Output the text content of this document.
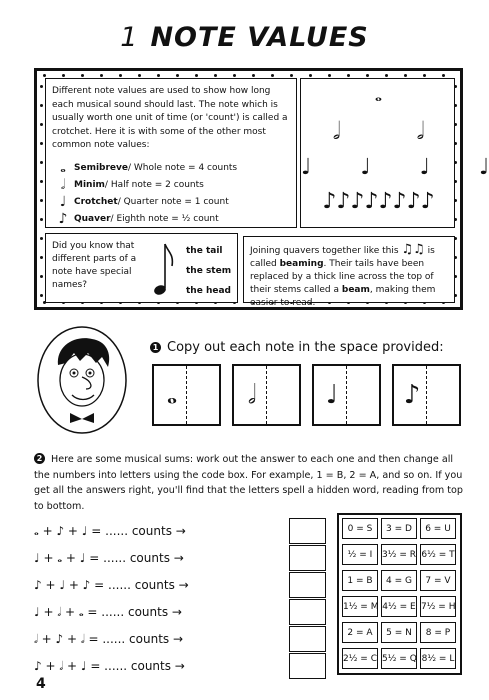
1 NOTE VALUES

Different note values are used to show how long each musical sound should last. The note which is usually worth one unit of time (or 'count') is called a crotchet. Here it is with some of the other most common note values:

𝅝 Semibreve / Whole note = 4 counts
𝅗𝅥 Minim / Half note = 2 counts
♩ Crotchet / Quarter note = 1 count
♪ Quaver / Eighth note = ½ count
𝅝
𝅗𝅥          𝅗𝅥
♩       ♩       ♩       ♩
♪♪♪♪♪♪♪♪
Did you know that different parts of a note have special names?
the tail
the stem
the head
Joining quavers together like this ♫♫ is called beaming. Their tails have been replaced by a thick line across the top of their stems called a beam, making them easier to read.
1 Copy out each note in the space provided:
𝅝	𝅗𝅥	♩	♪
2 Here are some musical sums: work out the answer to each one and then change all the numbers into letters using the code box. For example, 1 = B, 2 = A, and so on. If you get all the answers right, you'll find that the letters spell a hidden word, reading from top to bottom.
𝅝 + ♪ + ♩ = ...... counts →
♩ + 𝅝 + ♩ = ...... counts →
♪ + ♩ + ♪ = ...... counts →
♩ + 𝅗𝅥 + 𝅝 = ...... counts →
𝅗𝅥 + ♪ + 𝅗𝅥 = ...... counts →
♪ + 𝅗𝅥 + ♩ = ...... counts →
0 = S	3 = D	6 = U
½ = I	3½ = R 6½ = T
1 = B	4 = G	7 = V
1½ = M 4½ = E 7½ = H
2 = A	5 = N	8 = P
2½ = C 5½ = Q 8½ = L
4
